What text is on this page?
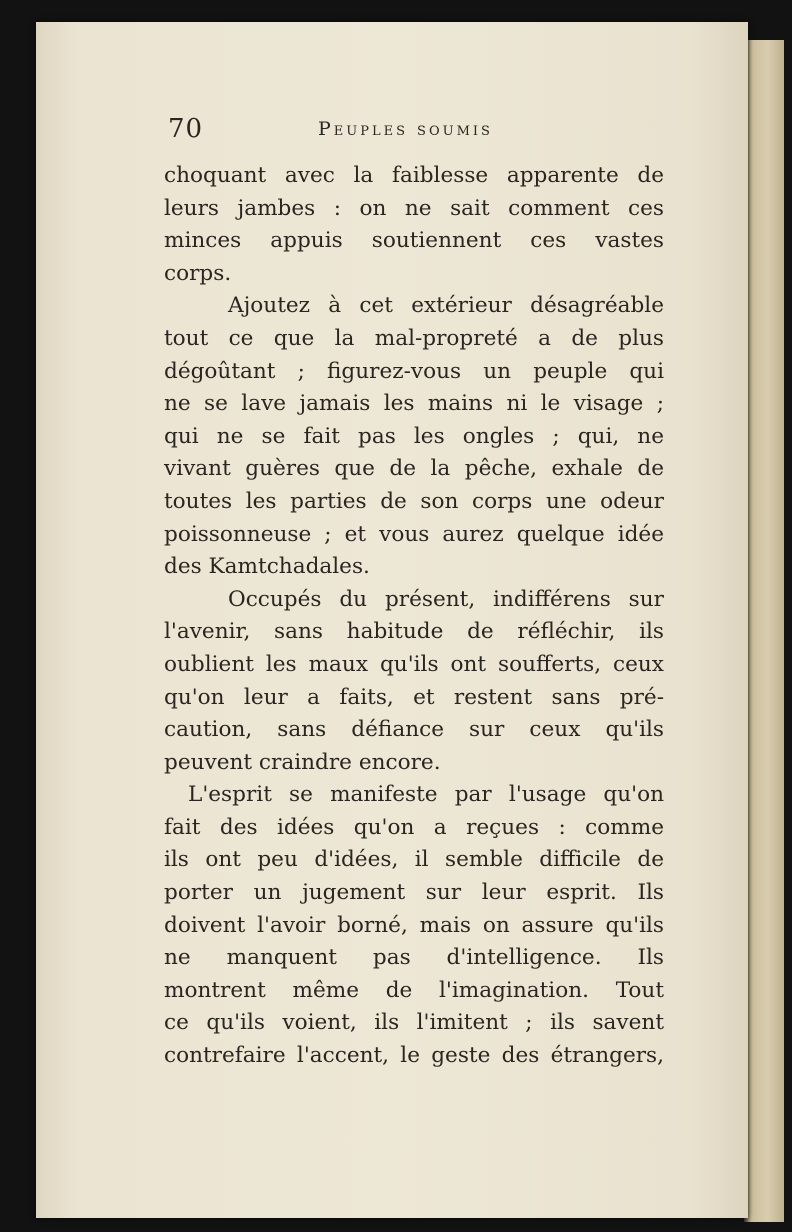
70	Peuples soumis

choquant avec la faiblesse apparente de
leurs jambes : on ne sait comment ces
minces appuis soutiennent ces vastes
corps.

Ajoutez à cet extérieur désagréable
tout ce que la mal-propreté a de plus
dégoûtant ; figurez-vous un peuple qui
ne se lave jamais les mains ni le visage ;
qui ne se fait pas les ongles ; qui, ne
vivant guères que de la pêche, exhale de
toutes les parties de son corps une odeur
poissonneuse ; et vous aurez quelque idée
des Kamtchadales.

Occupés du présent, indifférens sur
l'avenir, sans habitude de réfléchir, ils
oublient les maux qu'ils ont soufferts, ceux
qu'on leur a faits, et restent sans pré-
caution, sans défiance sur ceux qu'ils
peuvent craindre encore.

L'esprit se manifeste par l'usage qu'on
fait des idées qu'on a reçues : comme
ils ont peu d'idées, il semble difficile de
porter un jugement sur leur esprit. Ils
doivent l'avoir borné, mais on assure qu'ils
ne manquent pas d'intelligence. Ils
montrent même de l'imagination. Tout
ce qu'ils voient, ils l'imitent ; ils savent
contrefaire l'accent, le geste des étrangers,
